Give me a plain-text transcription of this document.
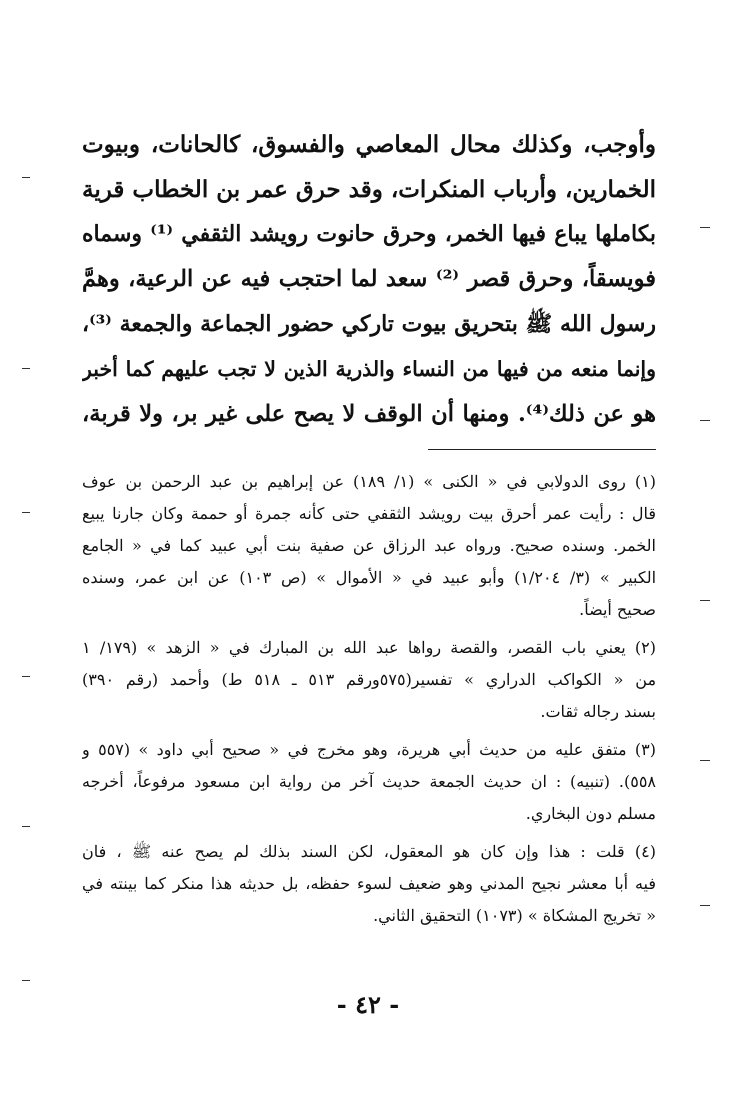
وأوجب، وكذلك محال المعاصي والفسوق، كالحانات، وبيوت
الخمارين، وأرباب المنكرات، وقد حرق عمر بن الخطاب قرية
بكاملها يباع فيها الخمر، وحرق حانوت رويشد الثقفي ⁽¹⁾ وسماه
فويسقاً، وحرق قصر ⁽²⁾ سعد لما احتجب فيه عن الرعية، وهمَّ
رسول الله ﷺ بتحريق بيوت تاركي حضور الجماعة والجمعة ⁽³⁾،
وإنما منعه من فيها من النساء والذرية الذين لا تجب عليهم كما أخبر
هو عن ذلك⁽⁴⁾. ومنها أن الوقف لا يصح على غير بر، ولا قربة،
(١) روى الدولابي في « الكنى » (١/ ١٨٩) عن إبراهيم بن عبد الرحمن بن عوف
قال : رأيت عمر أحرق بيت رويشد الثقفي حتى كأنه جمرة أو حممة وكان جارنا يبيع
الخمر. وسنده صحيح. ورواه عبد الرزاق عن صفية بنت أبي عبيد كما في « الجامع
الكبير » (٣/ ١/٢٠٤) وأبو عبيد في « الأموال » (ص ١٠٣) عن ابن عمر، وسنده
صحيح أيضاً.
(٢) يعني باب القصر، والقصة رواها عبد الله بن المبارك في « الزهد » (١٧٩/ ١
من « الكواكب الدراري » تفسير(٥٧٥ورقم ٥١٣ ـ ٥١٨ ط) وأحمد (رقم ٣٩٠)
بسند رجاله ثقات.
(٣) متفق عليه من حديث أبي هريرة، وهو مخرج في « صحيح أبي داود » (٥٥٧ و
٥٥٨). (تنبيه) : ان حديث الجمعة حديث آخر من رواية ابن مسعود مرفوعاً، أخرجه
مسلم دون البخاري.
(٤) قلت : هذا وإن كان هو المعقول، لكن السند بذلك لم يصح عنه ﷺ ، فان
فيه أبا معشر نجيح المدني وهو ضعيف لسوء حفظه، بل حديثه هذا منكر كما بينته في
« تخريج المشكاة » (١٠٧٣) التحقيق الثاني.
- ٤٢ -
